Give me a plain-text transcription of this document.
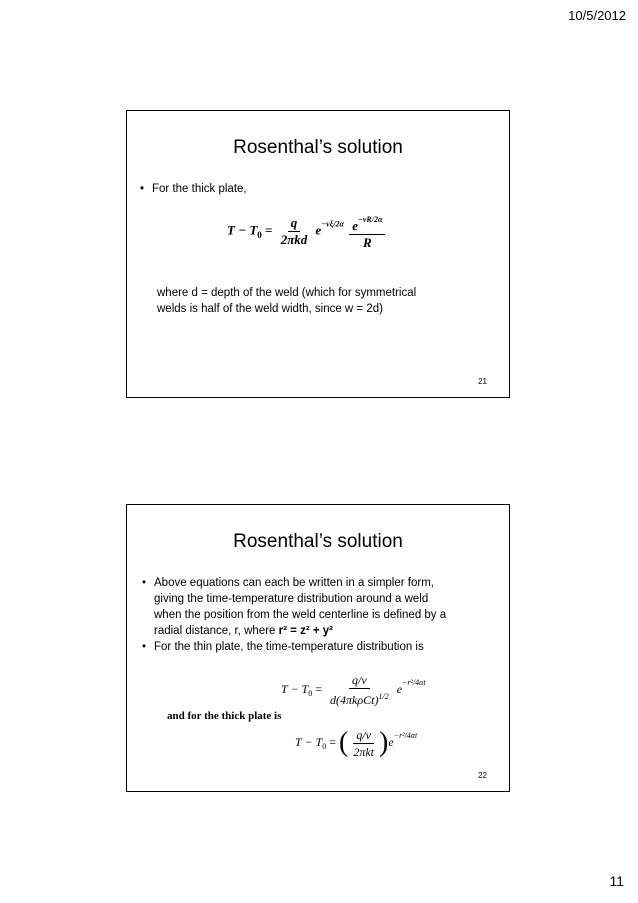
10/5/2012
Rosenthal’s solution
• For the thick plate,
$T - T_0 = \frac{q}{\text{2πkd}} e^{-v\xi/2\alpha} \frac{e^{-vR/2\alpha}}{R}$
where d = depth of the weld (which for symmetrical
welds is half of the weld width, since w = 2d)
21
Rosenthal’s solution
• Above equations can each be written in a simpler form,
giving the time-temperature distribution around a weld
when the position from the weld centerline is defined by a
radial distance, r, where r² = z² + y²
• For the thin plate, the time-temperature distribution is
$T - T_0 = \frac{q/v}{d(4\pi k\rho Ct)^{1/2}} e^{-r^2/4\alpha t}$
and for the thick plate is
$T - T_0$ = ( $\frac{q/v}{\text{2πkt}} )e^{-r^2/4\alpha t}$
22
11
